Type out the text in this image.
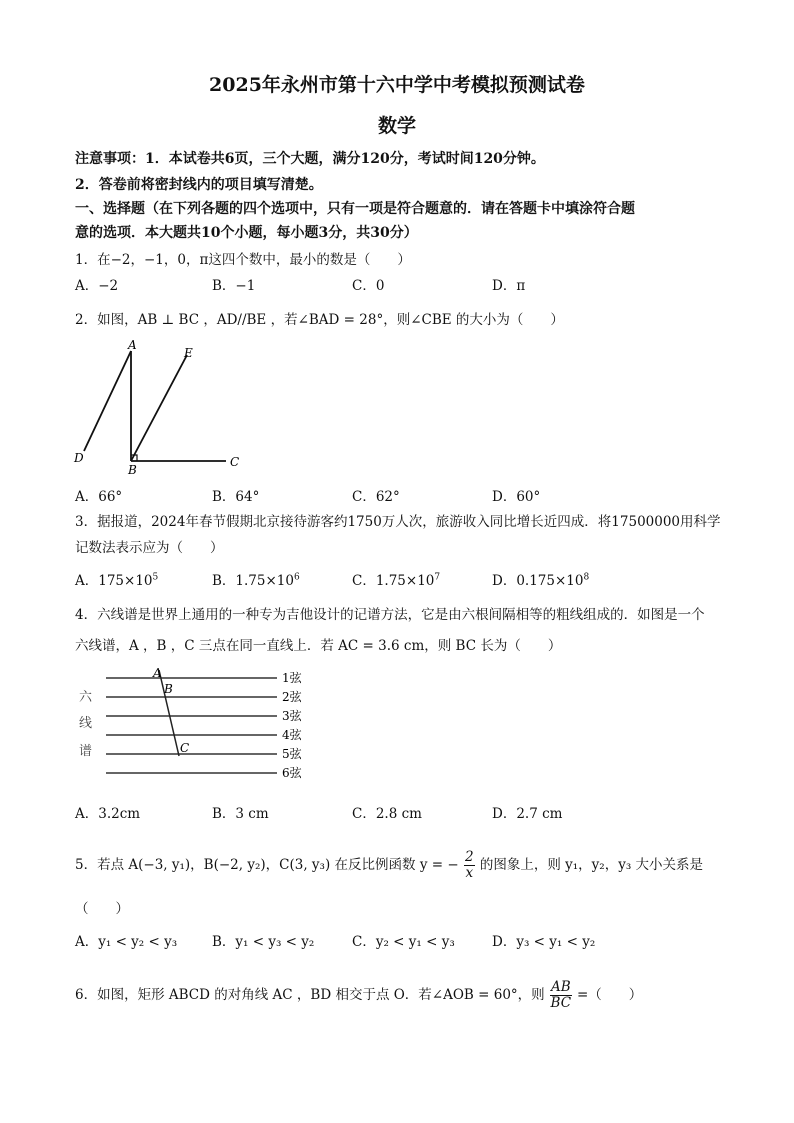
2025年永州市第十六中学中考模拟预测试卷
数学
注意事项：1．本试卷共6页，三个大题，满分120分，考试时间120分钟。
2．答卷前将密封线内的项目填写清楚。
一、选择题（在下列各题的四个选项中，只有一项是符合题意的．请在答题卡中填涂符合题
意的选项．本大题共10个小题，每小题3分，共30分）
1．在−2，−1，0，π这四个数中，最小的数是（　　）
A．−2	B．−1	C．0	D．π
2．如图，AB ⊥ BC ，AD//BE ，若∠BAD = 28°，则∠CBE 的大小为（　　）
A
E
D
B
C
A．66°	B．64°	C．62°	D．60°
3．据报道，2024年春节假期北京接待游客约1750万人次，旅游收入同比增长近四成．将17500000用科学
记数法表示应为（　　）
A．$175\times 10^5$	B．$1.75\times 10^6$	C．$1.75\times 10^7$	D．$0.175\times 10^8$
4．六线谱是世界上通用的一种专为吉他设计的记谱方法，它是由六根间隔相等的粗线组成的．如图是一个
六线谱，A ，B ，C 三点在同一直线上．若 AC = 3.6 cm，则 BC 长为（　　）
六
线
谱
1弦
2弦
3弦
4弦
5弦
6弦
A
B
C
A．3.2cm	B．3 cm	C．2.8 cm	D．2.7 cm
5．若点 A(−3, y₁)，B(−2, y₂)，C(3, y₃) 在反比例函数 y = − $\frac{2}{x}$ 的图象上，则 y₁，y₂，y₃ 大小关系是
（　　）
A．y₁ < y₂ < y₃	B．y₁ < y₃ < y₂	C．y₂ < y₁ < y₃	D．y₃ < y₁ < y₂
6．如图，矩形 ABCD 的对角线 AC ，BD 相交于点 O．若∠AOB = 60°，则 $\frac{AB}{BC}$ =（　　）
